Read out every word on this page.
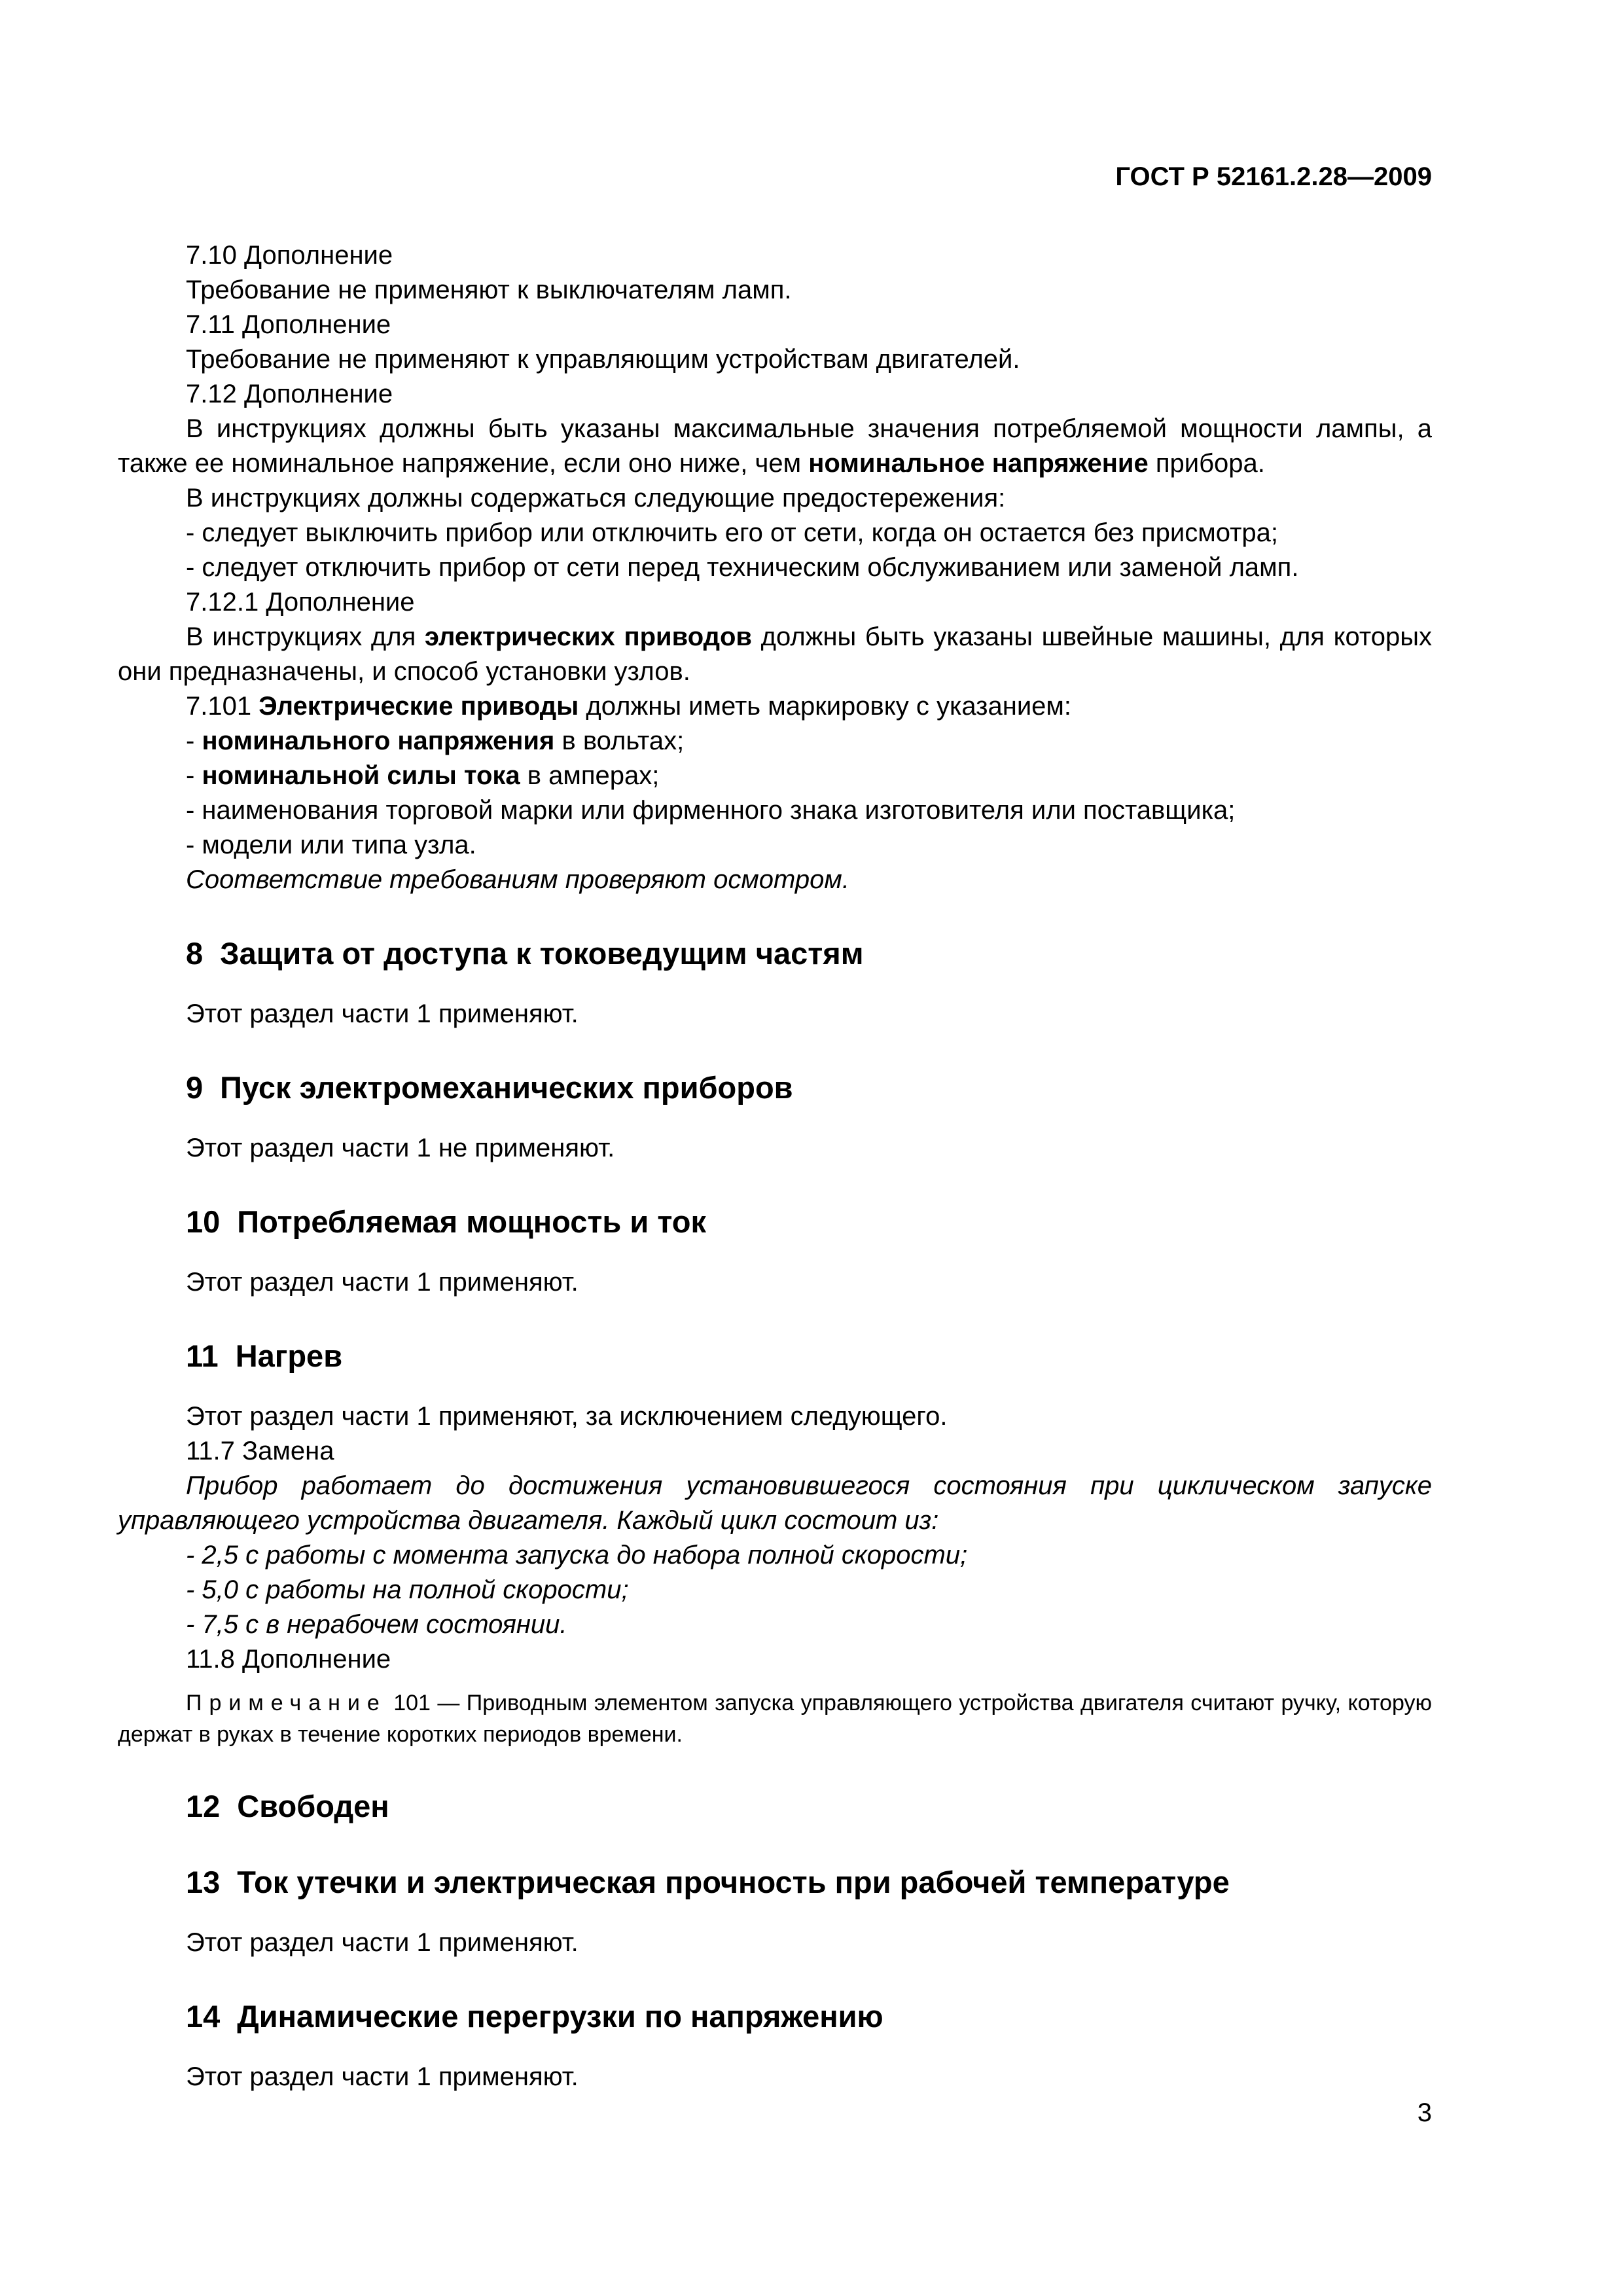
ГОСТ Р 52161.2.28—2009

7.10 Дополнение

Требование не применяют к выключателям ламп.

7.11 Дополнение

Требование не применяют к управляющим устройствам двигателей.

7.12 Дополнение

В инструкциях должны быть указаны максимальные значения потребляемой мощности лампы, а также ее номинальное напряжение, если оно ниже, чем номинальное напряжение прибора.

В инструкциях должны содержаться следующие предостережения:

- следует выключить прибор или отключить его от сети, когда он остается без присмотра;

- следует отключить прибор от сети перед техническим обслуживанием или заменой ламп.

7.12.1 Дополнение

В инструкциях для электрических приводов должны быть указаны швейные машины, для которых они предназначены, и способ установки узлов.

7.101 Электрические приводы должны иметь маркировку с указанием:

- номинального напряжения в вольтах;

- номинальной силы тока в амперах;

- наименования торговой марки или фирменного знака изготовителя или поставщика;

- модели или типа узла.

Соответствие требованиям проверяют осмотром.

8 Защита от доступа к токоведущим частям

Этот раздел части 1 применяют.

9 Пуск электромеханических приборов

Этот раздел части 1 не применяют.

10 Потребляемая мощность и ток

Этот раздел части 1 применяют.

11 Нагрев

Этот раздел части 1 применяют, за исключением следующего.

11.7 Замена

Прибор работает до достижения установившегося состояния при циклическом запуске управляющего устройства двигателя. Каждый цикл состоит из:

- 2,5 с работы с момента запуска до набора полной скорости;

- 5,0 с работы на полной скорости;

- 7,5 с в нерабочем состоянии.

11.8 Дополнение

Примечание 101 — Приводным элементом запуска управляющего устройства двигателя считают ручку, которую держат в руках в течение коротких периодов времени.

12 Свободен
13 Ток утечки и электрическая прочность при рабочей температуре

Этот раздел части 1 применяют.

14 Динамические перегрузки по напряжению

Этот раздел части 1 применяют.

3
